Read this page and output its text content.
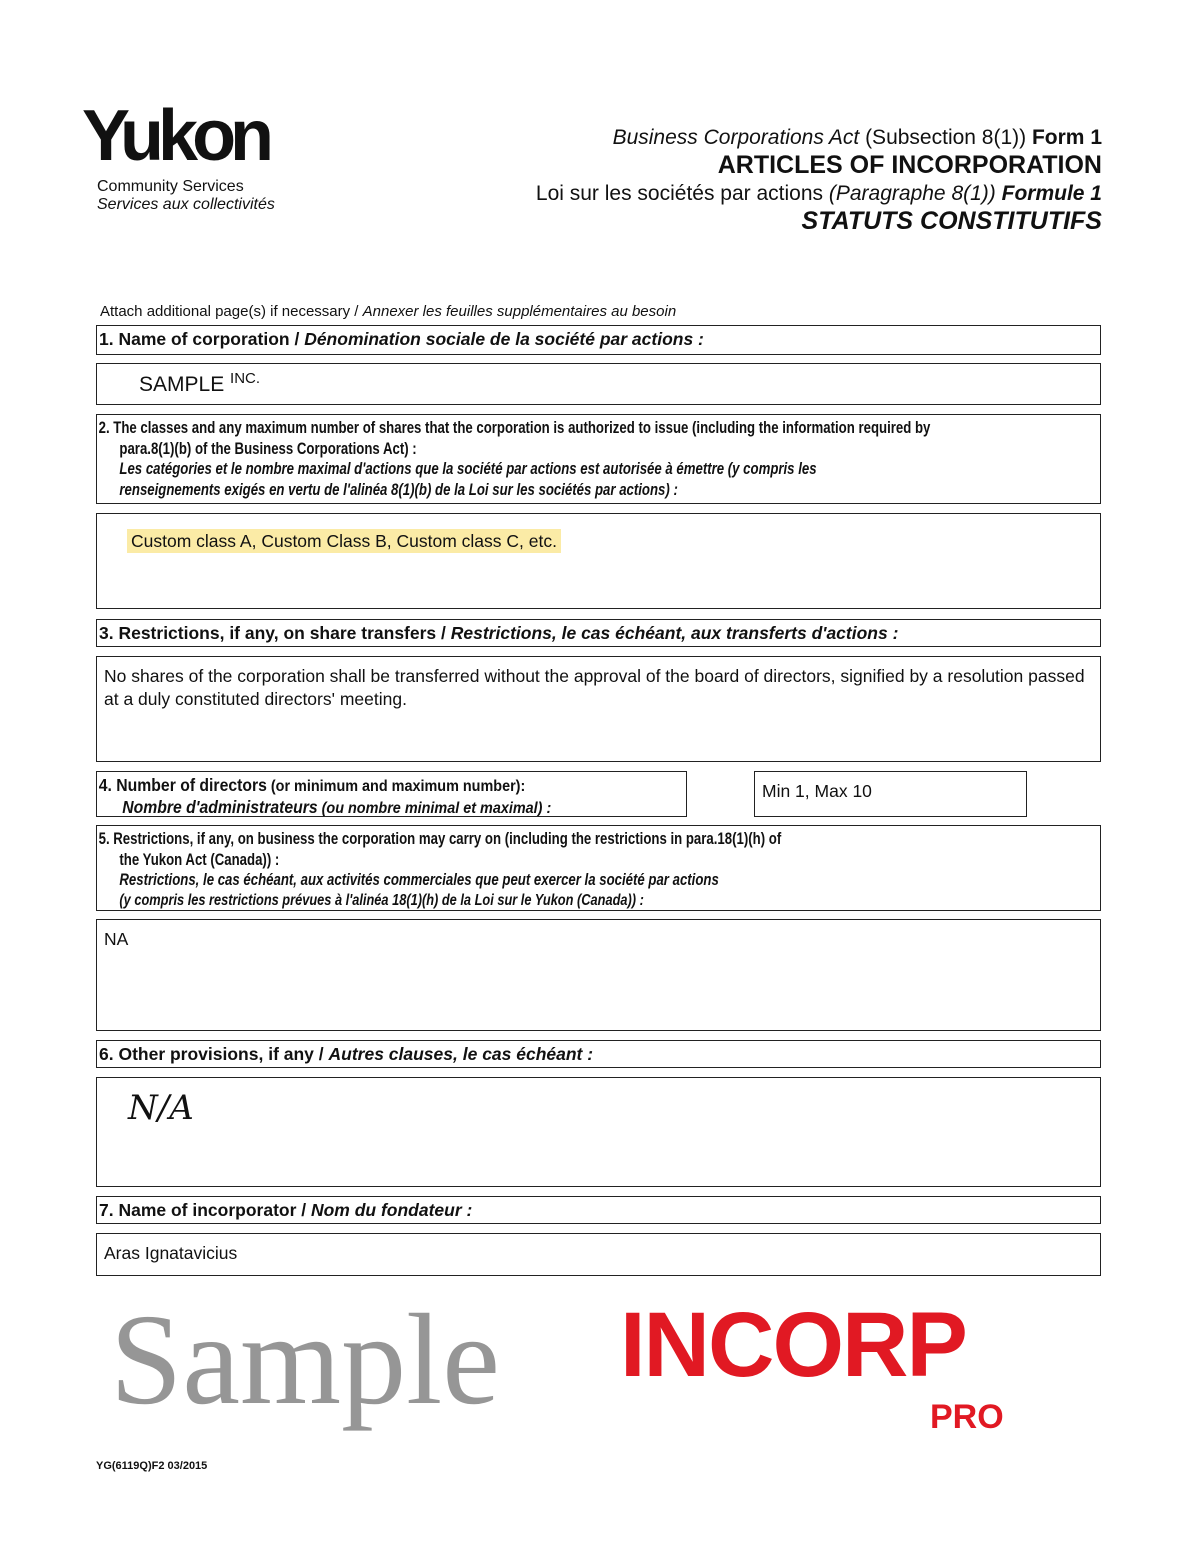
Yukon
Community Services
Services aux collectivités
Business Corporations Act (Subsection 8(1)) Form 1
ARTICLES OF INCORPORATION
Loi sur les sociétés par actions (Paragraphe 8(1)) Formule 1
STATUTS CONSTITUTIFS
Attach additional page(s) if necessary / Annexer les feuilles supplémentaires au besoin
1. Name of corporation / Dénomination sociale de la société par actions :
SAMPLE $^{INC.}$
2. The classes and any maximum number of shares that the corporation is authorized to issue (including the information required by
para.8(1)(b) of the Business Corporations Act) :
Les catégories et le nombre maximal d'actions que la société par actions est autorisée à émettre (y compris les
renseignements exigés en vertu de l'alinéa 8(1)(b) de la Loi sur les sociétés par actions) :
Custom class A, Custom Class B, Custom class C, etc.
3. Restrictions, if any, on share transfers / Restrictions, le cas échéant, aux transferts d'actions :
No shares of the corporation shall be transferred without the approval of the board of directors, signified by a resolution passed at a duly constituted directors' meeting.
4. Number of directors (or minimum and maximum number):
Nombre d'administrateurs (ou nombre minimal et maximal) :
Min 1, Max 10
5. Restrictions, if any, on business the corporation may carry on (including the restrictions in para.18(1)(h) of
the Yukon Act (Canada)) :
Restrictions, le cas échéant, aux activités commerciales que peut exercer la société par actions
(y compris les restrictions prévues à l'alinéa 18(1)(h) de la Loi sur le Yukon (Canada)) :
NA
6. Other provisions, if any / Autres clauses, le cas échéant :
N/A
7. Name of incorporator / Nom du fondateur :
Aras Ignatavicius
Sample INCORP
PRO
YG(6119Q)F2 03/2015
